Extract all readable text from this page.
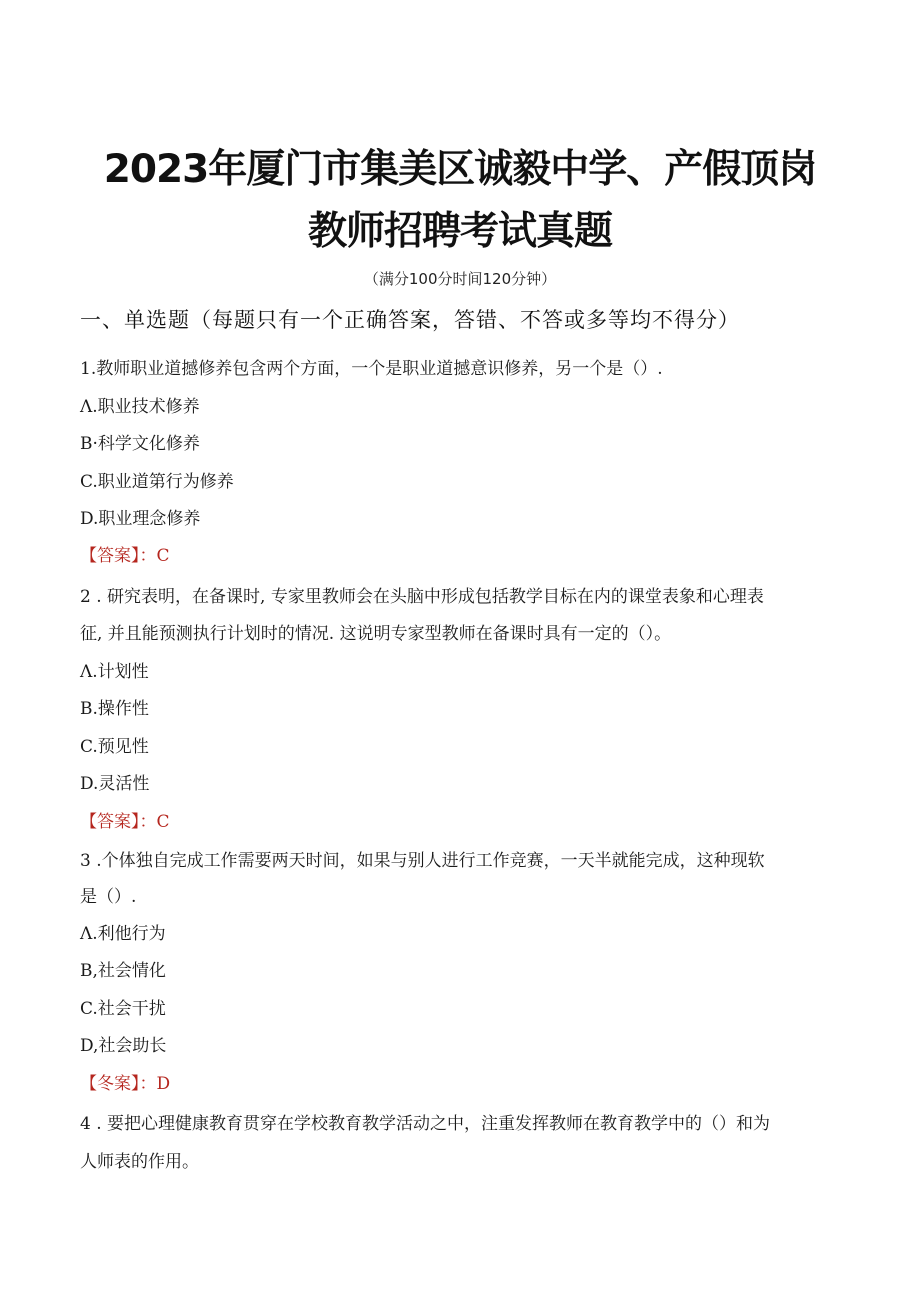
2023年厦门市集美区诚毅中学、产假顶岗
教师招聘考试真题
（满分100分时间120分钟）
一、单选题（每题只有一个正确答案，答错、不答或多等均不得分）
1.教师职业道撼修养包含两个方面，一个是职业道撼意识修养，另一个是（）.
Λ.职业技术修养
B·科学文化修养
C.职业道第行为修养
D.职业理念修养
【答案】：C
2 . 研究表明，在备课时, 专家里教师会在头脑中形成包括教学目标在内的课堂表象和心理表
征, 并且能预测执行计划时的情况. 这说明专家型教师在备课时具有一定的（）。
Λ.计划性
B.操作性
C.预见性
D.灵活性
【答案】：C
3 .个体独自完成工作需要两天时间，如果与别人进行工作竞赛，一天半就能完成，这种现软
是（）.
Λ.利他行为
B,社会情化
C.社会干扰
D,社会助长
【冬案】：D
4 . 要把心理健康教育贯穿在学校教育教学活动之中，注重发挥教师在教育教学中的（）和为
人师表的作用。
